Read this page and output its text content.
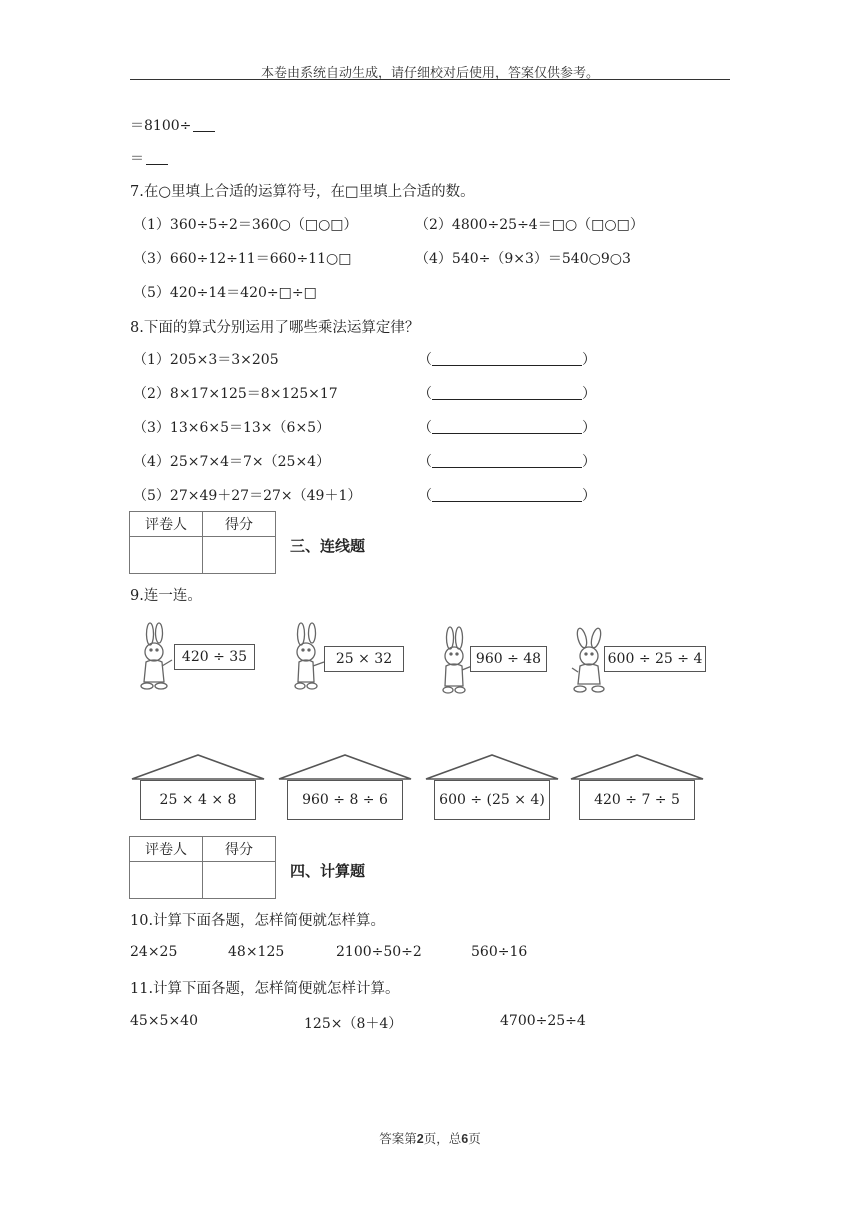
本卷由系统自动生成，请仔细校对后使用，答案仅供参考。
＝8100÷
＝
7.在○里填上合适的运算符号，在□里填上合适的数。
（1）360÷5÷2＝360○（□○□）	（2）4800÷25÷4＝□○（□○□）
（3）660÷12÷11＝660÷11○□	（4）540÷（9×3）＝540○9○3
（5）420÷14＝420÷□÷□
8.下面的算式分别运用了哪些乘法运算定律？
（1）205×3＝3×205	（	）
（2）8×17×125＝8×125×17	（	）
（3）13×6×5＝13×（6×5）	（	）
（4）25×7×4＝7×（25×4）	（	）
（5）27×49＋27＝27×（49＋1）	（	）
评卷人	得分

三、连线题
9.连一连。
420 ÷ 35	25 × 32	960 ÷ 48	600 ÷ 25 ÷ 4
25 × 4 × 8	960 ÷ 8 ÷ 6	600 ÷ (25 × 4)	420 ÷ 7 ÷ 5
评卷人	得分

四、计算题
10.计算下面各题，怎样简便就怎样算。
24×25	48×125	2100÷50÷2	560÷16
11.计算下面各题，怎样简便就怎样计算。
45×5×40	125×（8＋4）	4700÷25÷4
答案第2页，总6页
